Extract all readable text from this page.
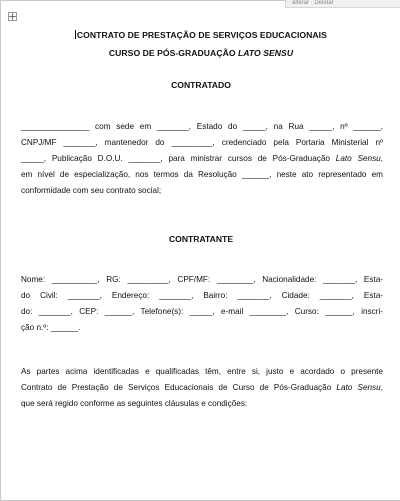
alterar · Deletar
CONTRATO DE PRESTAÇÃO DE SERVIÇOS EDUCACIONAIS
CURSO DE PÓS-GRADUAÇÃO LATO SENSU
CONTRATADO
_______________ com sede em _______, Estado do _____, na Rua _____, nº ______,
CNPJ/MF _______, mantenedor do _________, credenciado pela Portaria Ministerial nº
_____, Publicação D.O.U. _______, para ministrar cursos de Pós-Graduação Lato Sensu,
em nível de especialização, nos termos da Resolução ______, neste ato representado em
conformidade com seu contrato social;
CONTRATANTE
Nome: __________, RG: _________, CPF/MF: ________, Nacionalidade: _______, Esta-
do Civil: _______, Endereço: _______, Bairro: _______, Cidade: _______, Esta-
do: _______, CEP: ______, Telefone(s): _____, e-mail ________, Curso: ______, inscri-
ção n.º: ______.
As partes acima identificadas e qualificadas têm, entre si, justo e acordado o presente
Contrato de Prestação de Serviços Educacionais de Curso de Pós-Graduação Lato Sensu,
que será regido conforme as seguintes cláusulas e condições:
